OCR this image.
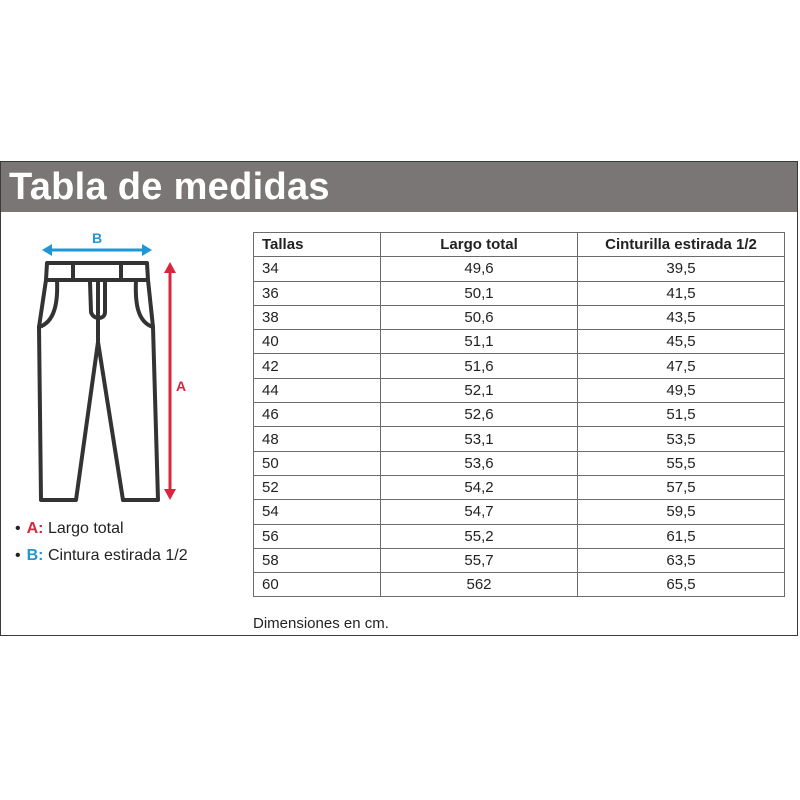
Tabla de medidas
B
A
• A: Largo total
• B: Cintura estirada 1/2
Tallas	Largo total	Cinturilla estirada 1/2
34	49,6	39,5
36	50,1	41,5
38	50,6	43,5
40	51,1	45,5
42	51,6	47,5
44	52,1	49,5
46	52,6	51,5
48	53,1	53,5
50	53,6	55,5
52	54,2	57,5
54	54,7	59,5
56	55,2	61,5
58	55,7	63,5
60	562	65,5
Dimensiones en cm.
